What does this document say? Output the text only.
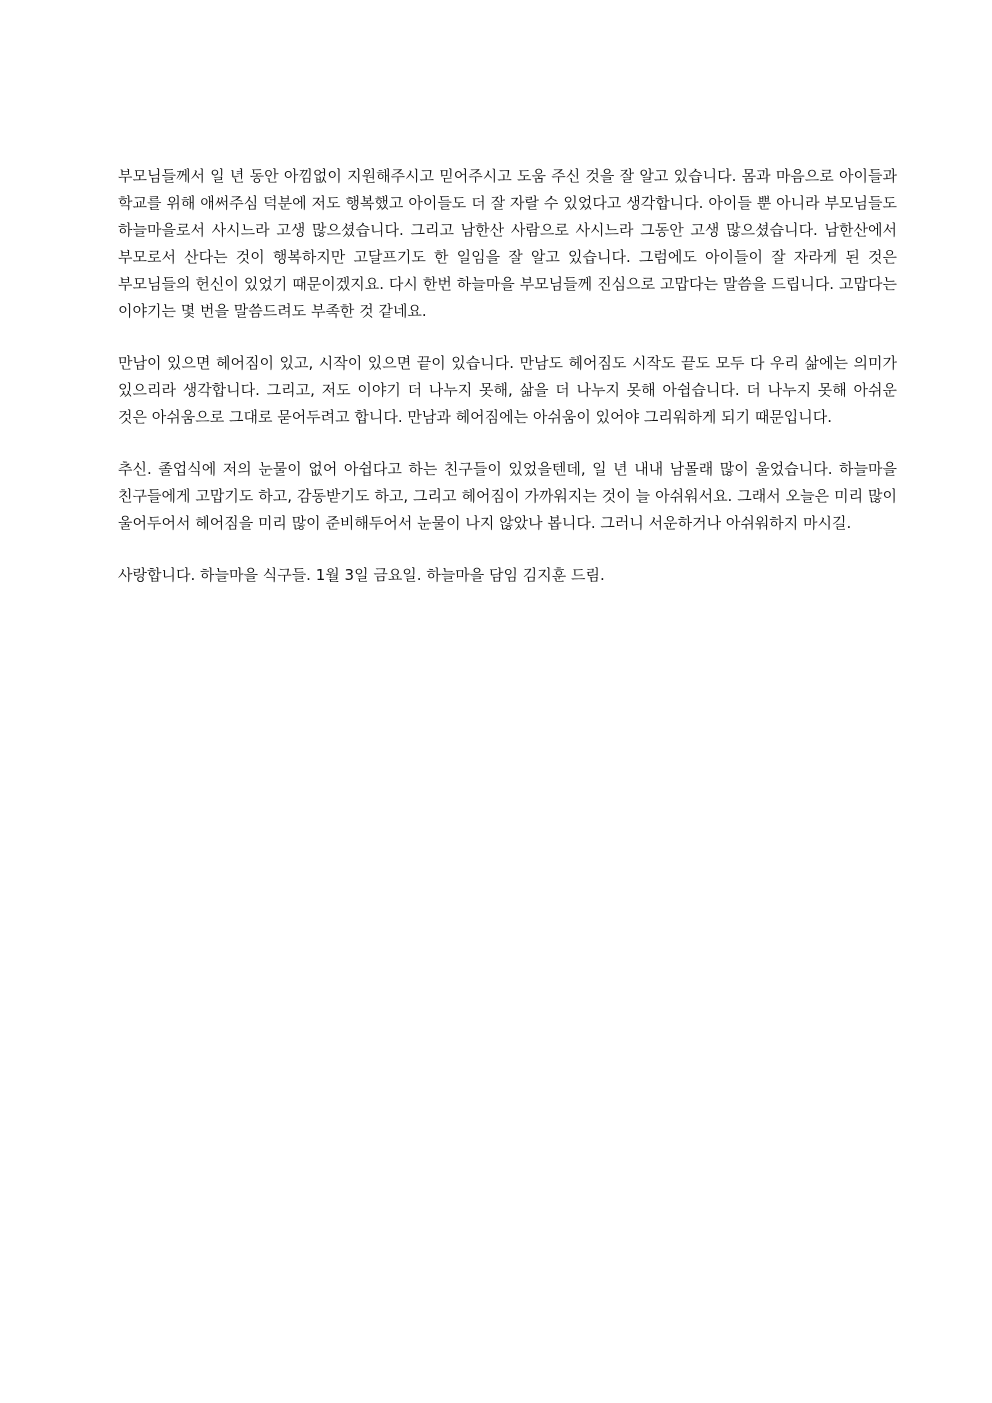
부모님들께서 일 년 동안 아낌없이 지원해주시고 믿어주시고 도움 주신 것을 잘 알고 있습니다. 몸과 마음으로 아이들과 학교를 위해 애써주심 덕분에 저도 행복했고 아이들도 더 잘 자랄 수 있었다고 생각합니다. 아이들 뿐 아니라 부모님들도 하늘마을로서 사시느라 고생 많으셨습니다. 그리고 남한산 사람으로 사시느라 그동안 고생 많으셨습니다. 남한산에서 부모로서 산다는 것이 행복하지만 고달프기도 한 일임을 잘 알고 있습니다. 그럼에도 아이들이 잘 자라게 된 것은 부모님들의 헌신이 있었기 때문이겠지요. 다시 한번 하늘마을 부모님들께 진심으로 고맙다는 말씀을 드립니다. 고맙다는 이야기는 몇 번을 말씀드려도 부족한 것 같네요.

만남이 있으면 헤어짐이 있고, 시작이 있으면 끝이 있습니다. 만남도 헤어짐도 시작도 끝도 모두 다 우리 삶에는 의미가 있으리라 생각합니다. 그리고, 저도 이야기 더 나누지 못해, 삶을 더 나누지 못해 아쉽습니다. 더 나누지 못해 아쉬운 것은 아쉬움으로 그대로 묻어두려고 합니다. 만남과 헤어짐에는 아쉬움이 있어야 그리워하게 되기 때문입니다.

추신. 졸업식에 저의 눈물이 없어 아쉽다고 하는 친구들이 있었을텐데, 일 년 내내 남몰래 많이 울었습니다. 하늘마을 친구들에게 고맙기도 하고, 감동받기도 하고, 그리고 헤어짐이 가까워지는 것이 늘 아쉬워서요. 그래서 오늘은 미리 많이 울어두어서 헤어짐을 미리 많이 준비해두어서 눈물이 나지 않았나 봅니다. 그러니 서운하거나 아쉬워하지 마시길.

사랑합니다. 하늘마을 식구들. 1월 3일 금요일. 하늘마을 담임 김지훈 드림.
